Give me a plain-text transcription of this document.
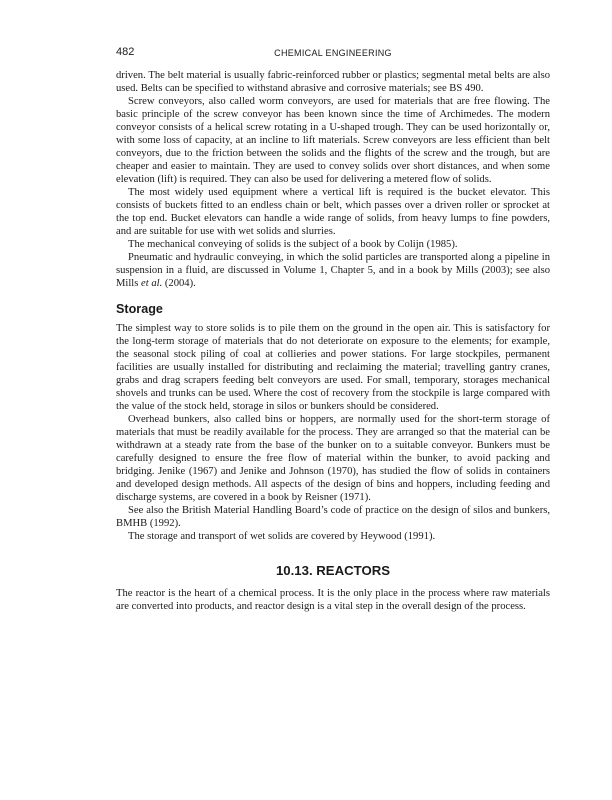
482	CHEMICAL ENGINEERING

driven. The belt material is usually fabric-reinforced rubber or plastics; segmental metal belts are also used. Belts can be specified to withstand abrasive and corrosive materials; see BS 490.

Screw conveyors, also called worm conveyors, are used for materials that are free flowing. The basic principle of the screw conveyor has been known since the time of Archimedes. The modern conveyor consists of a helical screw rotating in a U-shaped trough. They can be used horizontally or, with some loss of capacity, at an incline to lift materials. Screw conveyors are less efficient than belt conveyors, due to the friction between the solids and the flights of the screw and the trough, but are cheaper and easier to maintain. They are used to convey solids over short distances, and when some elevation (lift) is required. They can also be used for delivering a metered flow of solids.

The most widely used equipment where a vertical lift is required is the bucket elevator. This consists of buckets fitted to an endless chain or belt, which passes over a driven roller or sprocket at the top end. Bucket elevators can handle a wide range of solids, from heavy lumps to fine powders, and are suitable for use with wet solids and slurries.

The mechanical conveying of solids is the subject of a book by Colijn (1985).

Pneumatic and hydraulic conveying, in which the solid particles are transported along a pipeline in suspension in a fluid, are discussed in Volume 1, Chapter 5, and in a book by Mills (2003); see also Mills et al. (2004).

Storage

The simplest way to store solids is to pile them on the ground in the open air. This is satisfactory for the long-term storage of materials that do not deteriorate on exposure to the elements; for example, the seasonal stock piling of coal at collieries and power stations. For large stockpiles, permanent facilities are usually installed for distributing and reclaiming the material; travelling gantry cranes, grabs and drag scrapers feeding belt conveyors are used. For small, temporary, storages mechanical shovels and trunks can be used. Where the cost of recovery from the stockpile is large compared with the value of the stock held, storage in silos or bunkers should be considered.

Overhead bunkers, also called bins or hoppers, are normally used for the short-term storage of materials that must be readily available for the process. They are arranged so that the material can be withdrawn at a steady rate from the base of the bunker on to a suitable conveyor. Bunkers must be carefully designed to ensure the free flow of material within the bunker, to avoid packing and bridging. Jenike (1967) and Jenike and Johnson (1970), has studied the flow of solids in containers and developed design methods. All aspects of the design of bins and hoppers, including feeding and discharge systems, are covered in a book by Reisner (1971).

See also the British Material Handling Board’s code of practice on the design of silos and bunkers, BMHB (1992).

The storage and transport of wet solids are covered by Heywood (1991).

10.13. REACTORS

The reactor is the heart of a chemical process. It is the only place in the process where raw materials are converted into products, and reactor design is a vital step in the overall design of the process.
